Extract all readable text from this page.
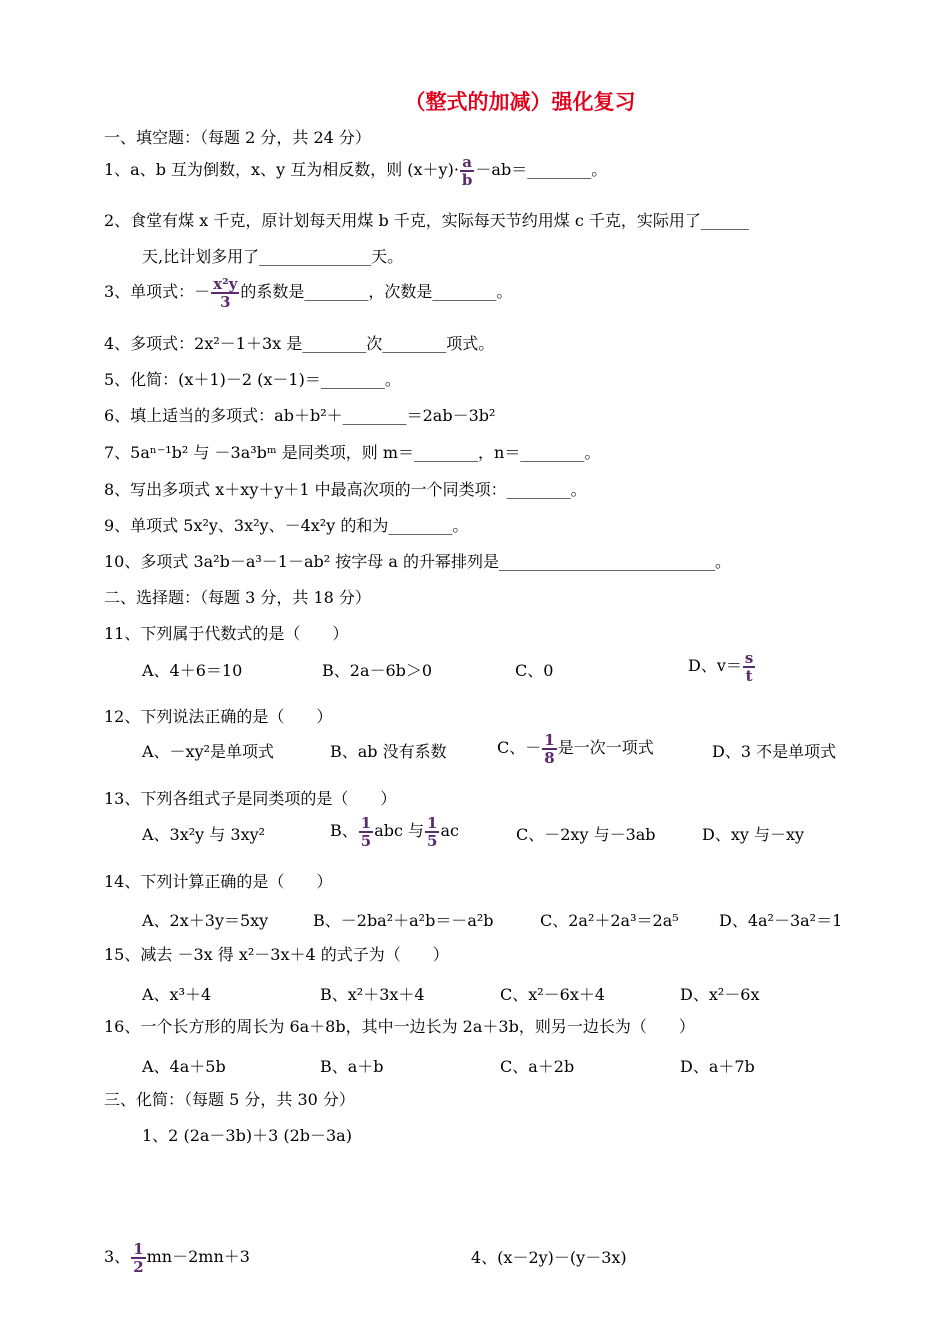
（整式的加减）强化复习
一、填空题：（每题 2 分，共 24 分）
1、a、b 互为倒数，x、y 互为相反数，则 $(x+y)\cdot \frac{a}{b}$ －ab＝________。
2、食堂有煤 x 千克，原计划每天用煤 b 千克，实际每天节约用煤 c 千克，实际用了______
天,比计划多用了______________天。
3、单项式：－ $\frac{\text{x²y}}{3}$ 的系数是________，次数是________。
4、多项式：2x²－1＋3x 是________次________项式。
5、化简：(x＋1)－2 (x－1)＝________。
6、填上适当的多项式：ab＋b²＋________＝2ab－3b²
7、5aⁿ⁻¹b² 与 －3a³bᵐ 是同类项，则 m＝________，n＝________。
8、写出多项式 x＋xy＋y＋1 中最高次项的一个同类项：________。
9、单项式 5x²y、3x²y、－4x²y 的和为________。
10、多项式 3a²b－a³－1－ab² 按字母 a 的升幂排列是___________________________。
二、选择题：（每题 3 分，共 18 分）
11、下列属于代数式的是（　　）
A、4＋6＝10	B、2a－6b＞0	C、0	D、$v= \frac{s}{t}$
12、下列说法正确的是（　　）
A、－xy²是单项式	B、ab 没有系数	C、－ $\frac{1}{8}$ 是一次一项式	D、3 不是单项式
13、下列各组式子是同类项的是（　　）
A、3x²y 与 3xy²	B、 $\frac{1}{5}$ abc 与 $\frac{1}{5}$ ac	C、－2xy 与－3ab	D、xy 与－xy
14、下列计算正确的是（　　）
A、2x＋3y＝5xy	B、－2ba²＋a²b＝－a²b	C、2a²＋2a³＝2a⁵	D、4a²－3a²＝1
15、减去 －3x 得 x²－3x＋4 的式子为（　　）
A、x³＋4	B、x²＋3x＋4	C、x²－6x＋4	D、x²－6x
16、一个长方形的周长为 6a＋8b，其中一边长为 2a＋3b，则另一边长为（　　）
A、4a＋5b	B、a＋b	C、a＋2b	D、a＋7b
三、化简：（每题 5 分，共 30 分）
1、2 (2a－3b)＋3 (2b－3a)
3、 $\frac{1}{2} mn-2mn+3$	4、(x－2y)－(y－3x)
